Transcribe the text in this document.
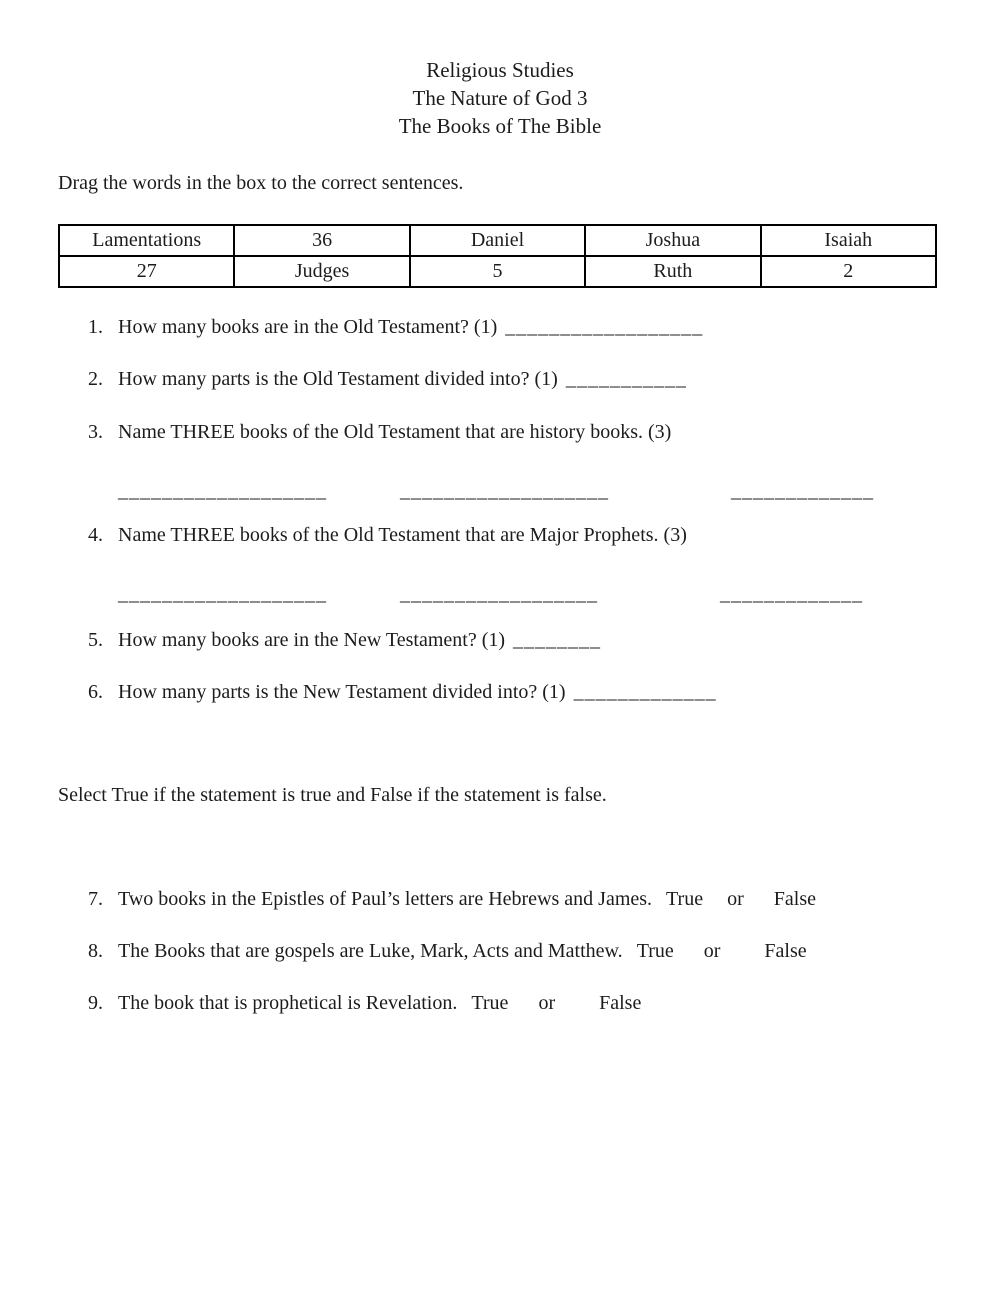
Religious Studies
The Nature of God 3
The Books of The Bible
Drag the words in the box to the correct sentences.
Lamentations	36	Daniel	Joshua	Isaiah
27	Judges	5	Ruth	2
1. How many books are in the Old Testament? (1) __________________
2. How many parts is the Old Testament divided into? (1) ___________
3. Name THREE books of the Old Testament that are history books. (3)
___________________	___________________	_____________
4. Name THREE books of the Old Testament that are Major Prophets. (3)
___________________	__________________	_____________
5. How many books are in the New Testament? (1) ________
6. How many parts is the New Testament divided into? (1) _____________
Select True if the statement is true and False if the statement is false.
7. Two books in the Epistles of Paul’s letters are Hebrews and James. True or False
8. The Books that are gospels are Luke, Mark, Acts and Matthew. True or False
9. The book that is prophetical is Revelation. True or False
